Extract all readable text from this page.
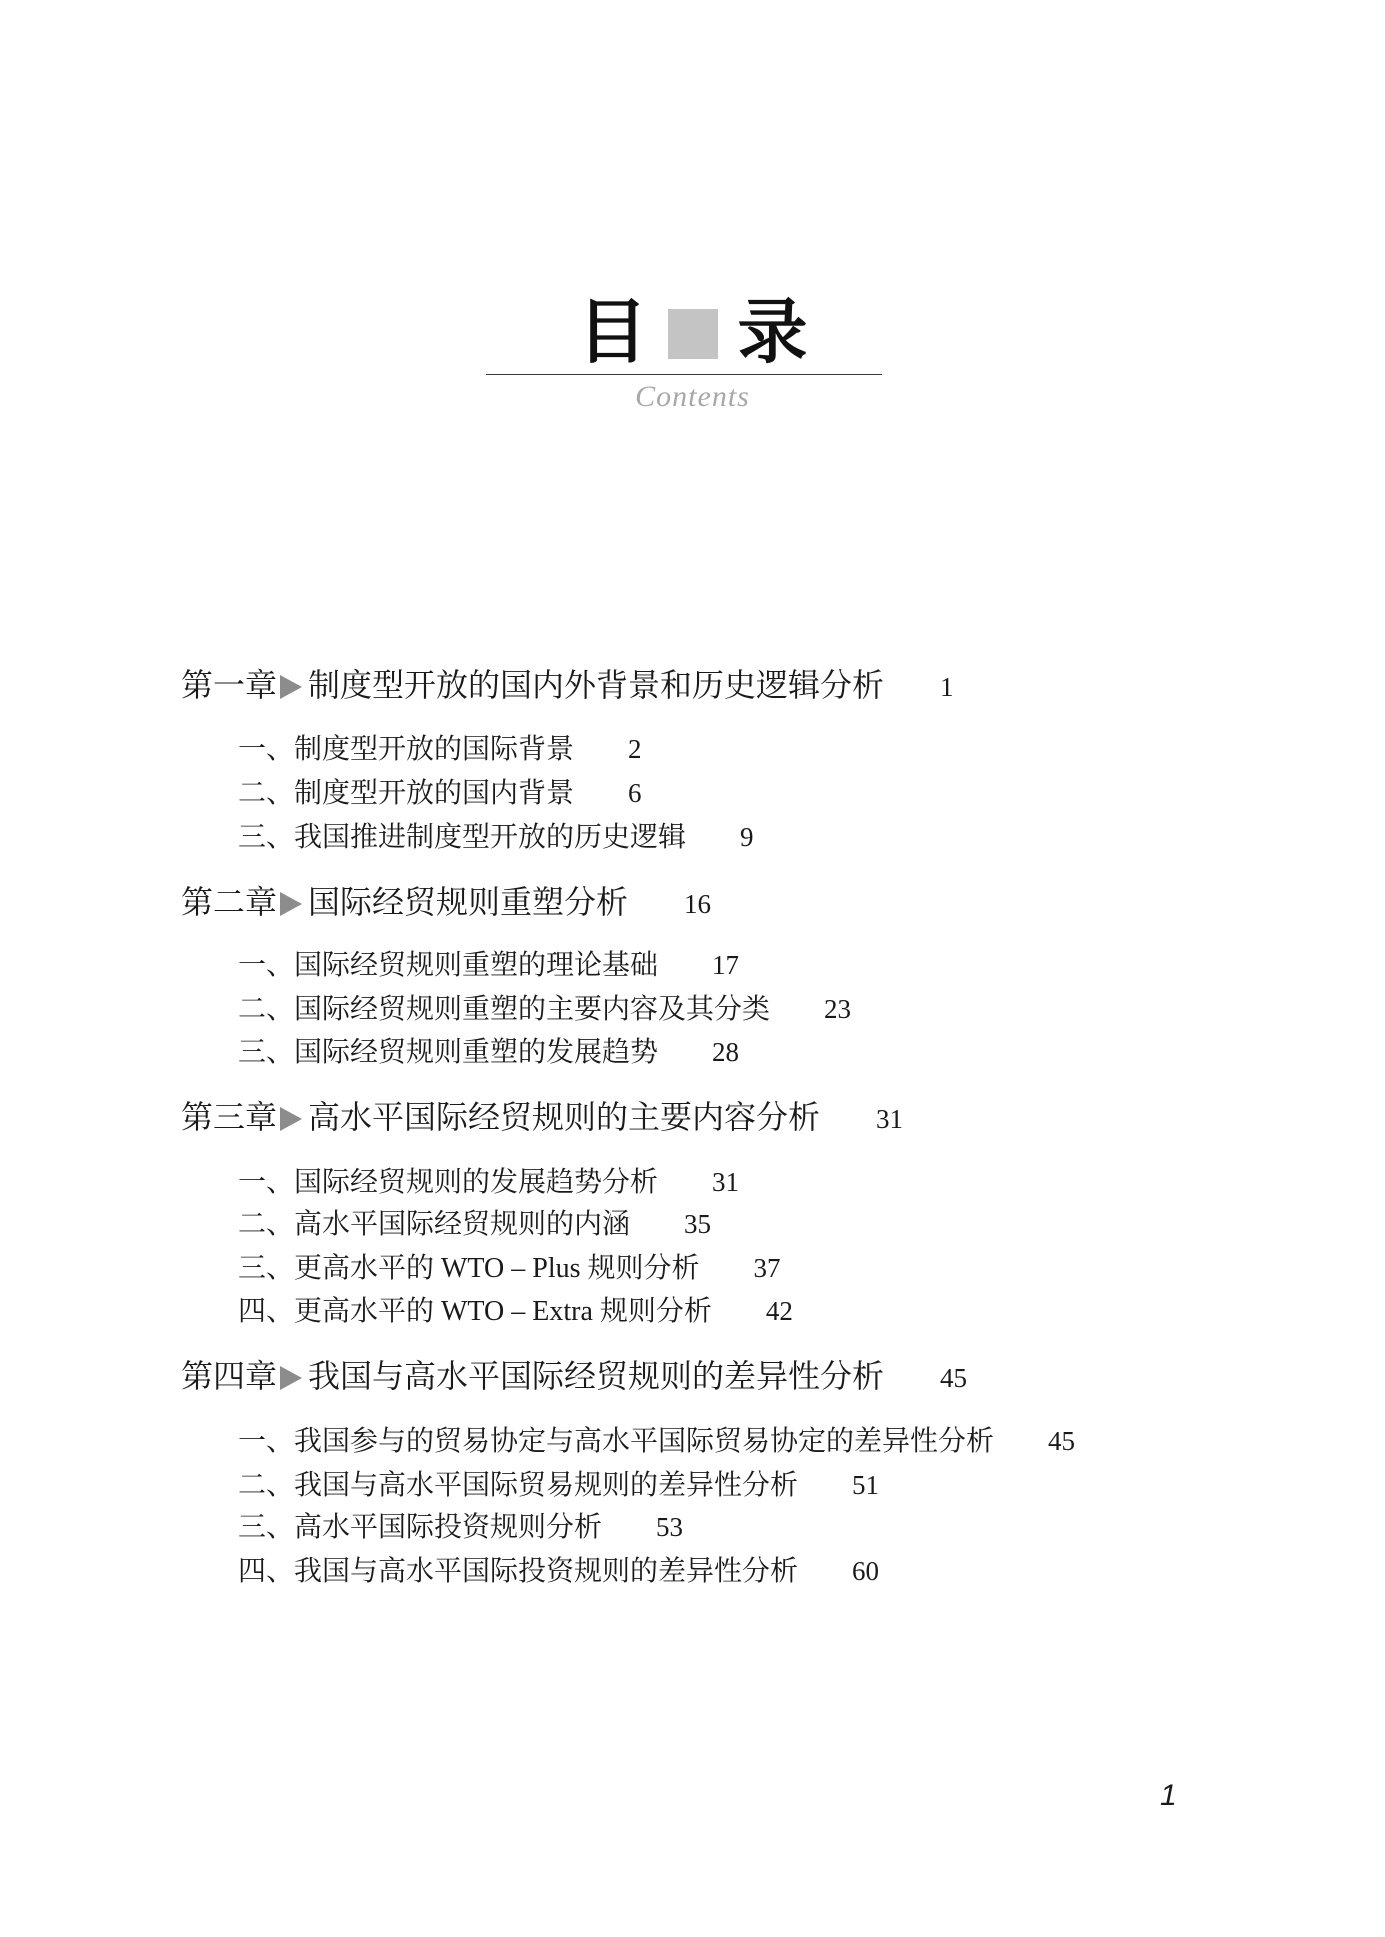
目 录
Contents
第一章 制度型开放的国内外背景和历史逻辑分析 1
一、制度型开放的国际背景 2
二、制度型开放的国内背景 6
三、我国推进制度型开放的历史逻辑 9
第二章 国际经贸规则重塑分析 16
一、国际经贸规则重塑的理论基础 17
二、国际经贸规则重塑的主要内容及其分类 23
三、国际经贸规则重塑的发展趋势 28
第三章 高水平国际经贸规则的主要内容分析 31
一、国际经贸规则的发展趋势分析 31
二、高水平国际经贸规则的内涵 35
三、更高水平的 WTO – Plus 规则分析 37
四、更高水平的 WTO – Extra 规则分析 42
第四章 我国与高水平国际经贸规则的差异性分析 45
一、我国参与的贸易协定与高水平国际贸易协定的差异性分析 45
二、我国与高水平国际贸易规则的差异性分析 51
三、高水平国际投资规则分析 53
四、我国与高水平国际投资规则的差异性分析 60
1
